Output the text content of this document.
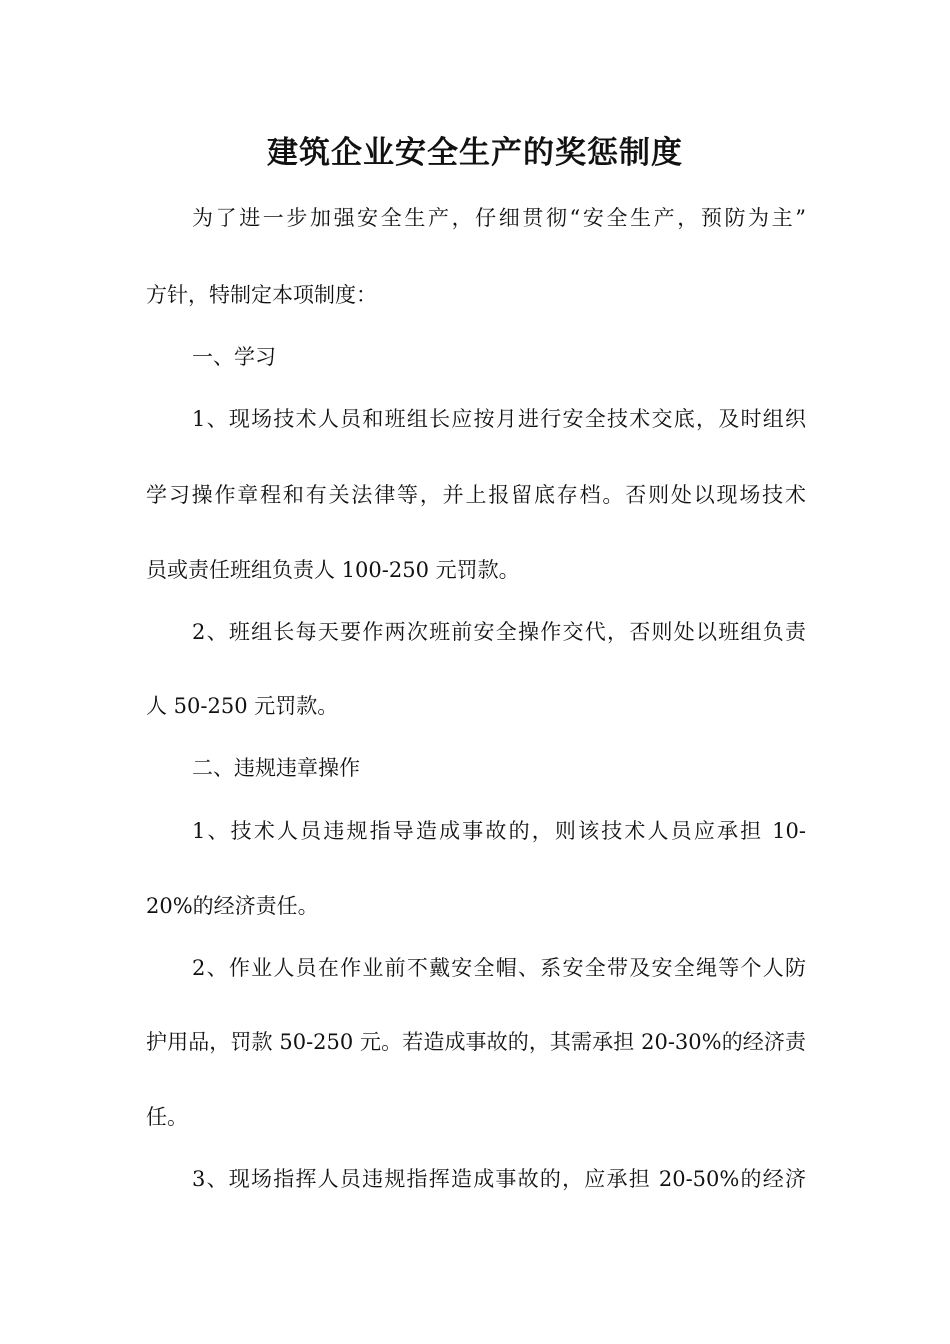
建筑企业安全生产的奖惩制度

为了进一步加强安全生产，仔细贯彻“安全生产，预防为主”

方针，特制定本项制度：

一、学习

1、现场技术人员和班组长应按月进行安全技术交底，及时组织

学习操作章程和有关法律等，并上报留底存档。否则处以现场技术

员或责任班组负责人 100-250 元罚款。

2、班组长每天要作两次班前安全操作交代，否则处以班组负责

人 50-250 元罚款。

二、违规违章操作

1、技术人员违规指导造成事故的，则该技术人员应承担 10-

20%的经济责任。

2、作业人员在作业前不戴安全帽、系安全带及安全绳等个人防

护用品，罚款 50-250 元。若造成事故的，其需承担 20-30%的经济责

任。

3、现场指挥人员违规指挥造成事故的，应承担 20-50%的经济
